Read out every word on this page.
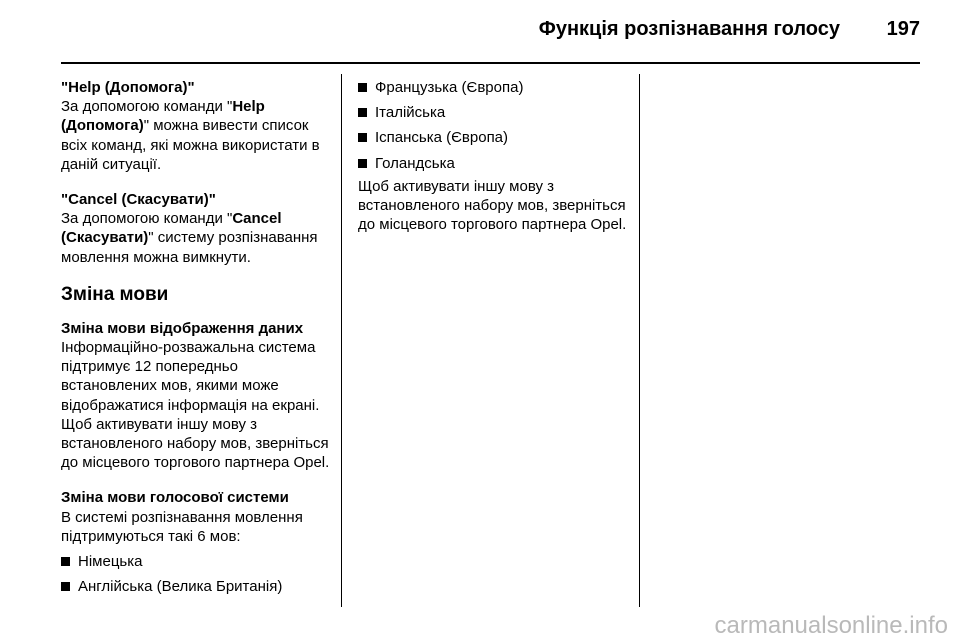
Функція розпізнавання голосу	197

"Help (Допомога)"

За допомогою команди "Help (Допомога)" можна вивести список всіх команд, які можна використати в даній ситуації.

"Cancel (Скасувати)"

За допомогою команди "Cancel (Скасувати)" систему розпізнавання мовлення можна вимкнути.

Зміна мови

Зміна мови відображення даних

Інформаційно-розважальна система підтримує 12 попередньо встановлених мов, якими може відображатися інформація на екрані. Щоб активувати іншу мову з встановленого набору мов, зверніться до місцевого торгового партнера Opel.

Зміна мови голосової системи

В системі розпізнавання мовлення підтримуються такі 6 мов:

Німецька

Англійська (Велика Британія)

Французька (Європа)

Італійська

Іспанська (Європа)

Голандська

Щоб активувати іншу мову з встановленого набору мов, зверніться до місцевого торгового партнера Opel.

carmanualsonline.info
